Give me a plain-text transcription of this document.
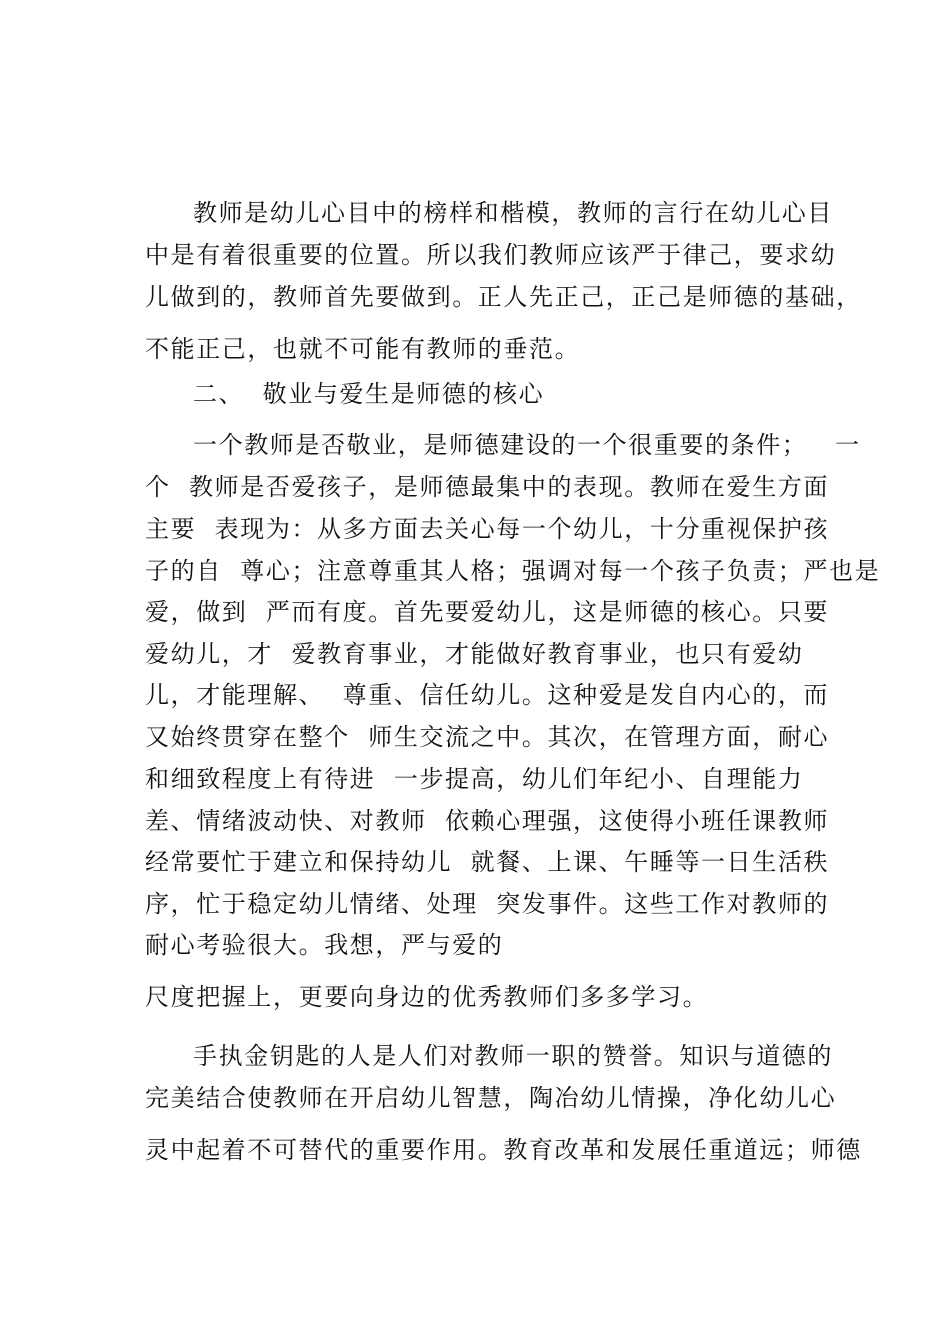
教师是幼儿心目中的榜样和楷模，教师的言行在幼儿心目
中是有着很重要的位置。所以我们教师应该严于律己，要求幼
儿做到的，教师首先要做到。正人先正己，正己是师德的基础，
不能正己，也就不可能有教师的垂范。
二、  敬业与爱生是师德的核心
一个教师是否敬业，是师德建设的一个很重要的条件；   一
个  教师是否爱孩子，是师德最集中的表现。教师在爱生方面
主要  表现为：从多方面去关心每一个幼儿，十分重视保护孩
子的自  尊心；注意尊重其人格；强调对每一个孩子负责；严也是
爱，做到  严而有度。首先要爱幼儿，这是师德的核心。只要
爱幼儿，才  爱教育事业，才能做好教育事业，也只有爱幼
儿，才能理解、  尊重、信任幼儿。这种爱是发自内心的，而
又始终贯穿在整个  师生交流之中。其次，在管理方面，耐心
和细致程度上有待进  一步提高，幼儿们年纪小、自理能力
差、情绪波动快、对教师  依赖心理强，这使得小班任课教师
经常要忙于建立和保持幼儿  就餐、上课、午睡等一日生活秩
序，忙于稳定幼儿情绪、处理  突发事件。这些工作对教师的
耐心考验很大。我想，严与爱的
尺度把握上，更要向身边的优秀教师们多多学习。
手执金钥匙的人是人们对教师一职的赞誉。知识与道德的
完美结合使教师在开启幼儿智慧，陶冶幼儿情操，净化幼儿心
灵中起着不可替代的重要作用。教育改革和发展任重道远；师德
